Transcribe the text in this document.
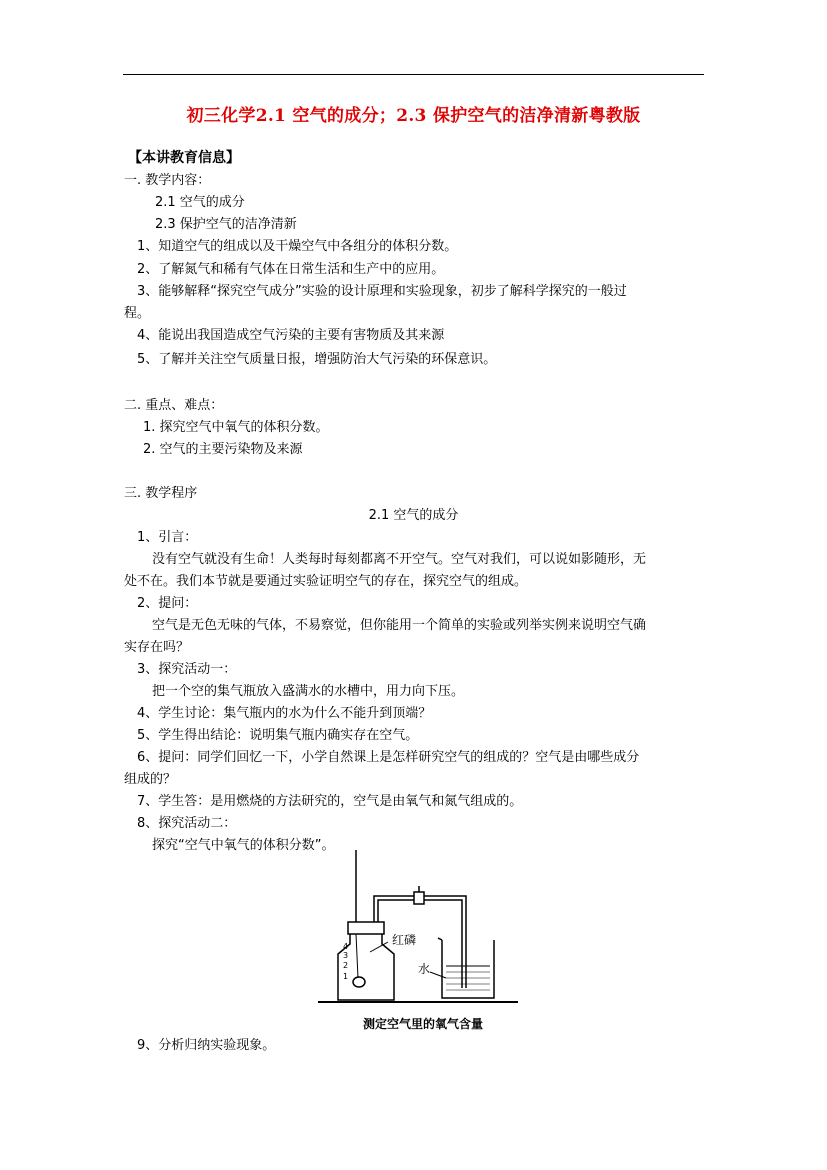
初三化学2.1 空气的成分；2.3 保护空气的洁净清新粤教版
【本讲教育信息】
一. 教学内容：
2.1 空气的成分
2.3 保护空气的洁净清新
1、知道空气的组成以及干燥空气中各组分的体积分数。
2、了解氮气和稀有气体在日常生活和生产中的应用。
3、能够解释“探究空气成分”实验的设计原理和实验现象，初步了解科学探究的一般过
程。
4、能说出我国造成空气污染的主要有害物质及其来源
5、了解并关注空气质量日报，增强防治大气污染的环保意识。
二. 重点、难点：
1. 探究空气中氧气的体积分数。
2. 空气的主要污染物及来源
三. 教学程序
2.1 空气的成分
1、引言：
没有空气就没有生命！人类每时每刻都离不开空气。空气对我们，可以说如影随形，无
处不在。我们本节就是要通过实验证明空气的存在，探究空气的组成。
2、提问：
空气是无色无味的气体，不易察觉，但你能用一个简单的实验或列举实例来说明空气确
实存在吗？
3、探究活动一：
把一个空的集气瓶放入盛满水的水槽中，用力向下压。
4、学生讨论：集气瓶内的水为什么不能升到顶端？
5、学生得出结论：说明集气瓶内确实存在空气。
6、提问：同学们回忆一下，小学自然课上是怎样研究空气的组成的？空气是由哪些成分
组成的？
7、学生答：是用燃烧的方法研究的，空气是由氧气和氮气组成的。
8、探究活动二：
探究“空气中氧气的体积分数”。
红磷
水
4
3
2
1
测定空气里的氧气含量
9、分析归纳实验现象。
